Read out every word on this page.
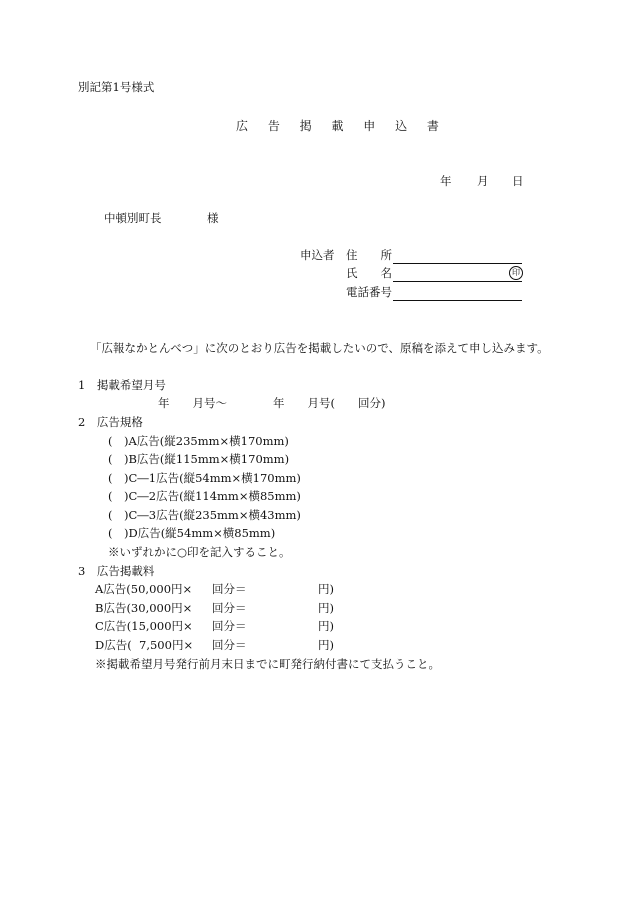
別記第1号様式
広 告 掲 載 申 込 書
年 月 日
中頓別町長	様
申込者 住　　所
氏　　名	印
電話番号
「広報なかとんべつ」に次のとおり広告を掲載したいので、原稿を添えて申し込みます。
1　掲載希望月号
年　　月号～　　　　年　　月号(　　回分)
2　広告規格
(　)A広告(縦235mm×横170mm)
(　)B広告(縦115mm×横170mm)
(　)C―1広告(縦54mm×横170mm)
(　)C―2広告(縦114mm×横85mm)
(　)C―3広告(縦235mm×横43mm)
(　)D広告(縦54mm×横85mm)
※いずれかに○印を記入すること。
3　広告掲載料
A広告(50,000円× 回分＝	円)
B広告(30,000円× 回分＝	円)
C広告(15,000円× 回分＝	円)
D広告(  7,500円× 回分＝	円)
※掲載希望月号発行前月末日までに町発行納付書にて支払うこと。
